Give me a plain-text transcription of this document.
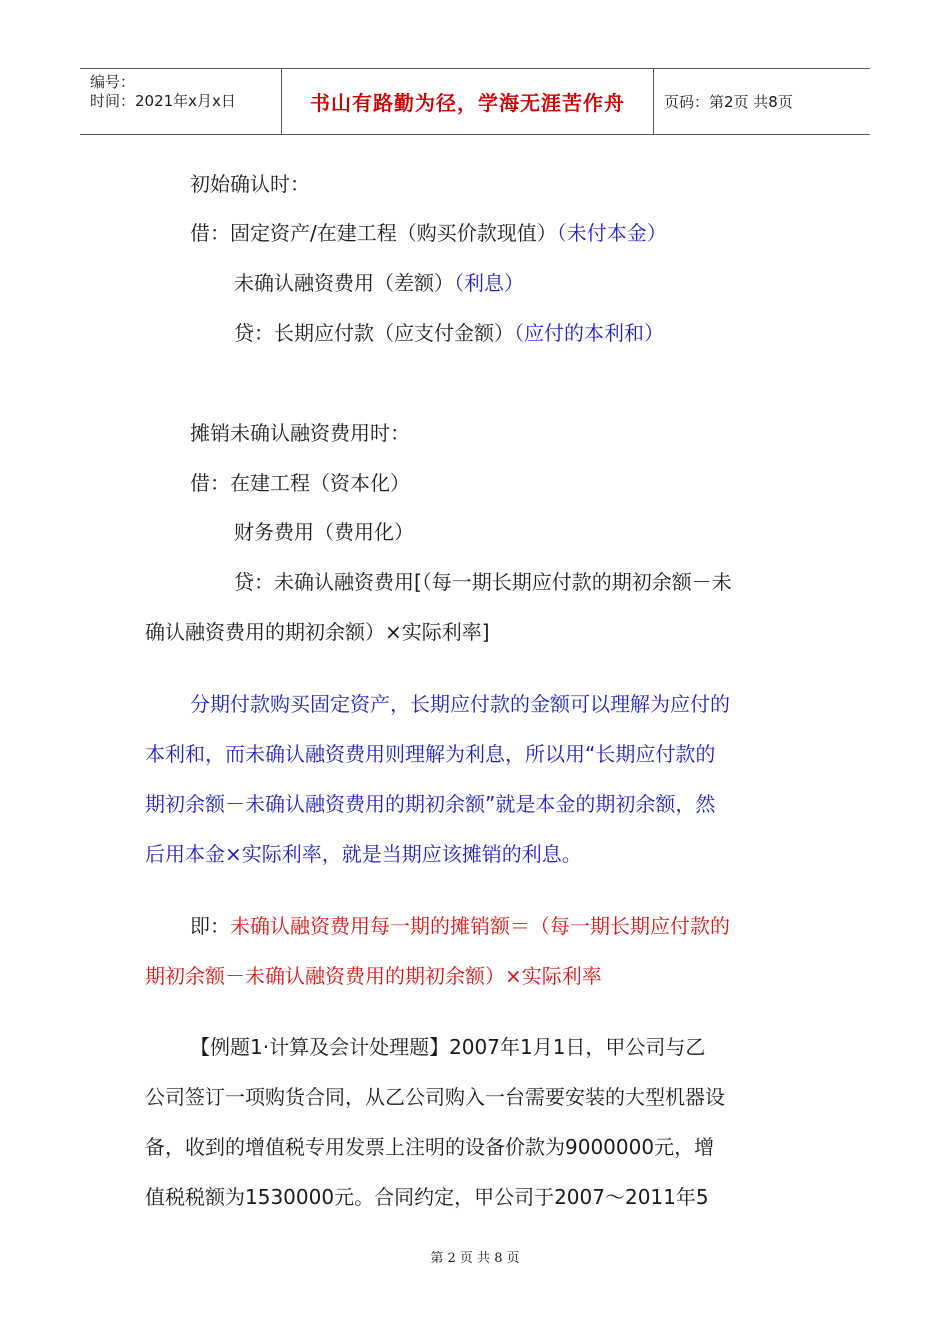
编号：
时间：2021年x月x日	书山有路勤为径，学海无涯苦作舟	页码：第2页 共8页
初始确认时：
借：固定资产/在建工程（购买价款现值）（未付本金）
未确认融资费用（差额）（利息）
贷：长期应付款（应支付金额）（应付的本利和）
摊销未确认融资费用时：
借：在建工程（资本化）
财务费用（费用化）
贷：未确认融资费用[（每一期长期应付款的期初余额－未
确认融资费用的期初余额）×实际利率]
分期付款购买固定资产，长期应付款的金额可以理解为应付的
本利和，而未确认融资费用则理解为利息，所以用“长期应付款的
期初余额－未确认融资费用的期初余额”就是本金的期初余额，然
后用本金×实际利率，就是当期应该摊销的利息。
即：未确认融资费用每一期的摊销额＝（每一期长期应付款的
期初余额－未确认融资费用的期初余额）×实际利率
【例题1·计算及会计处理题】2007年1月1日，甲公司与乙
公司签订一项购货合同，从乙公司购入一台需要安装的大型机器设
备，收到的增值税专用发票上注明的设备价款为9000000元，增
值税税额为1530000元。合同约定，甲公司于2007～2011年5
第 2 页 共 8 页
